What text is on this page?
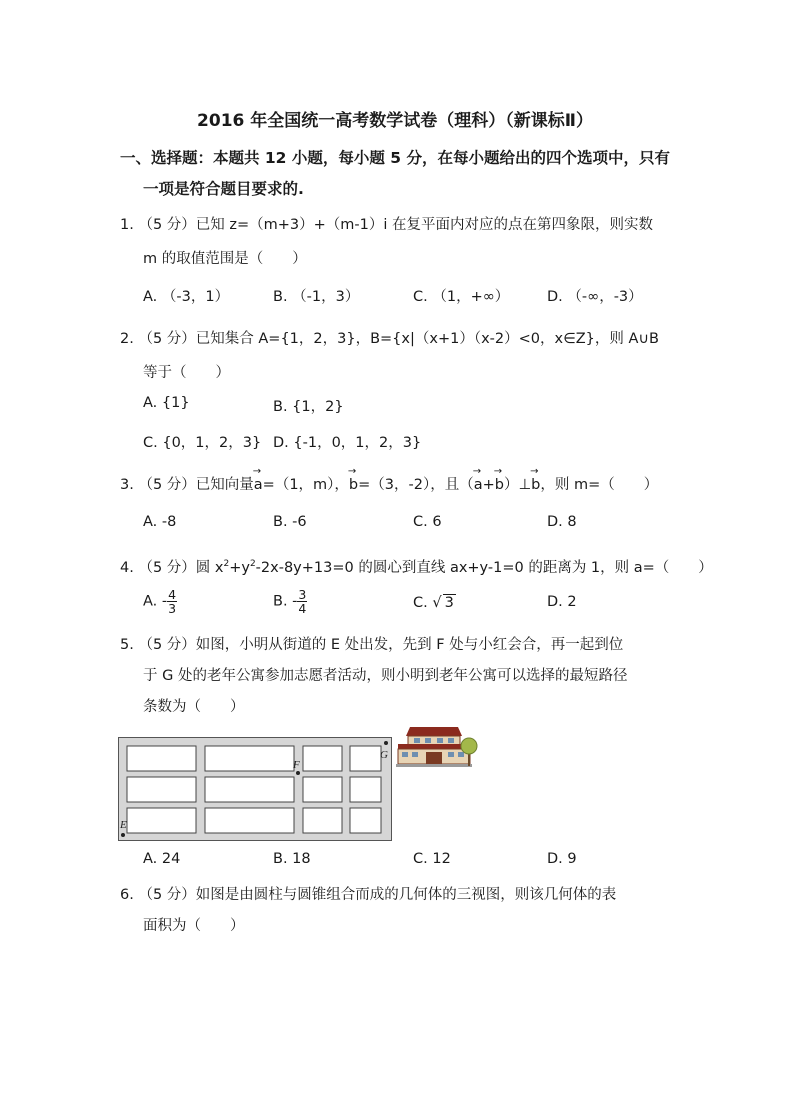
2016 年全国统一高考数学试卷（理科）（新课标Ⅱ）
一、选择题：本题共 12 小题，每小题 5 分，在每小题给出的四个选项中，只有
一项是符合题目要求的.
1. （5 分）已知 z=（m+3）+（m-1）i 在复平面内对应的点在第四象限，则实数
m 的取值范围是（　　）
A. （-3，1）	B. （-1，3）	C. （1，+∞）	D. （-∞，-3）
2. （5 分）已知集合 A={1，2，3}，B={x|（x+1）（x-2）<0，x∈Z}，则 A∪B
等于（　　）
A. {1}	B. {1，2}
C. {0，1，2，3} D. {-1，0，1，2，3}
3. （5 分）已知向量→ a=（1，m），→ b=（3，-2），且（→ a+→ b）⊥→ b，则 m=（　　）
A. -8	B. -6	C. 6	D. 8
4. （5 分）圆 $x^2+y^2-2x-8y+13=0$ 的圆心到直线 ax+y-1=0 的距离为 1，则 a=（　　）
A. - $\frac{4}{3}$	B. - $\frac{3}{4}$	C. √ 3	D. 2
5. （5 分）如图，小明从街道的 E 处出发，先到 F 处与小红会合，再一起到位
于 G 处的老年公寓参加志愿者活动，则小明到老年公寓可以选择的最短路径
条数为（　　）
E
F
G
A. 24	B. 18	C. 12	D. 9
6. （5 分）如图是由圆柱与圆锥组合而成的几何体的三视图，则该几何体的表
面积为（　　）
